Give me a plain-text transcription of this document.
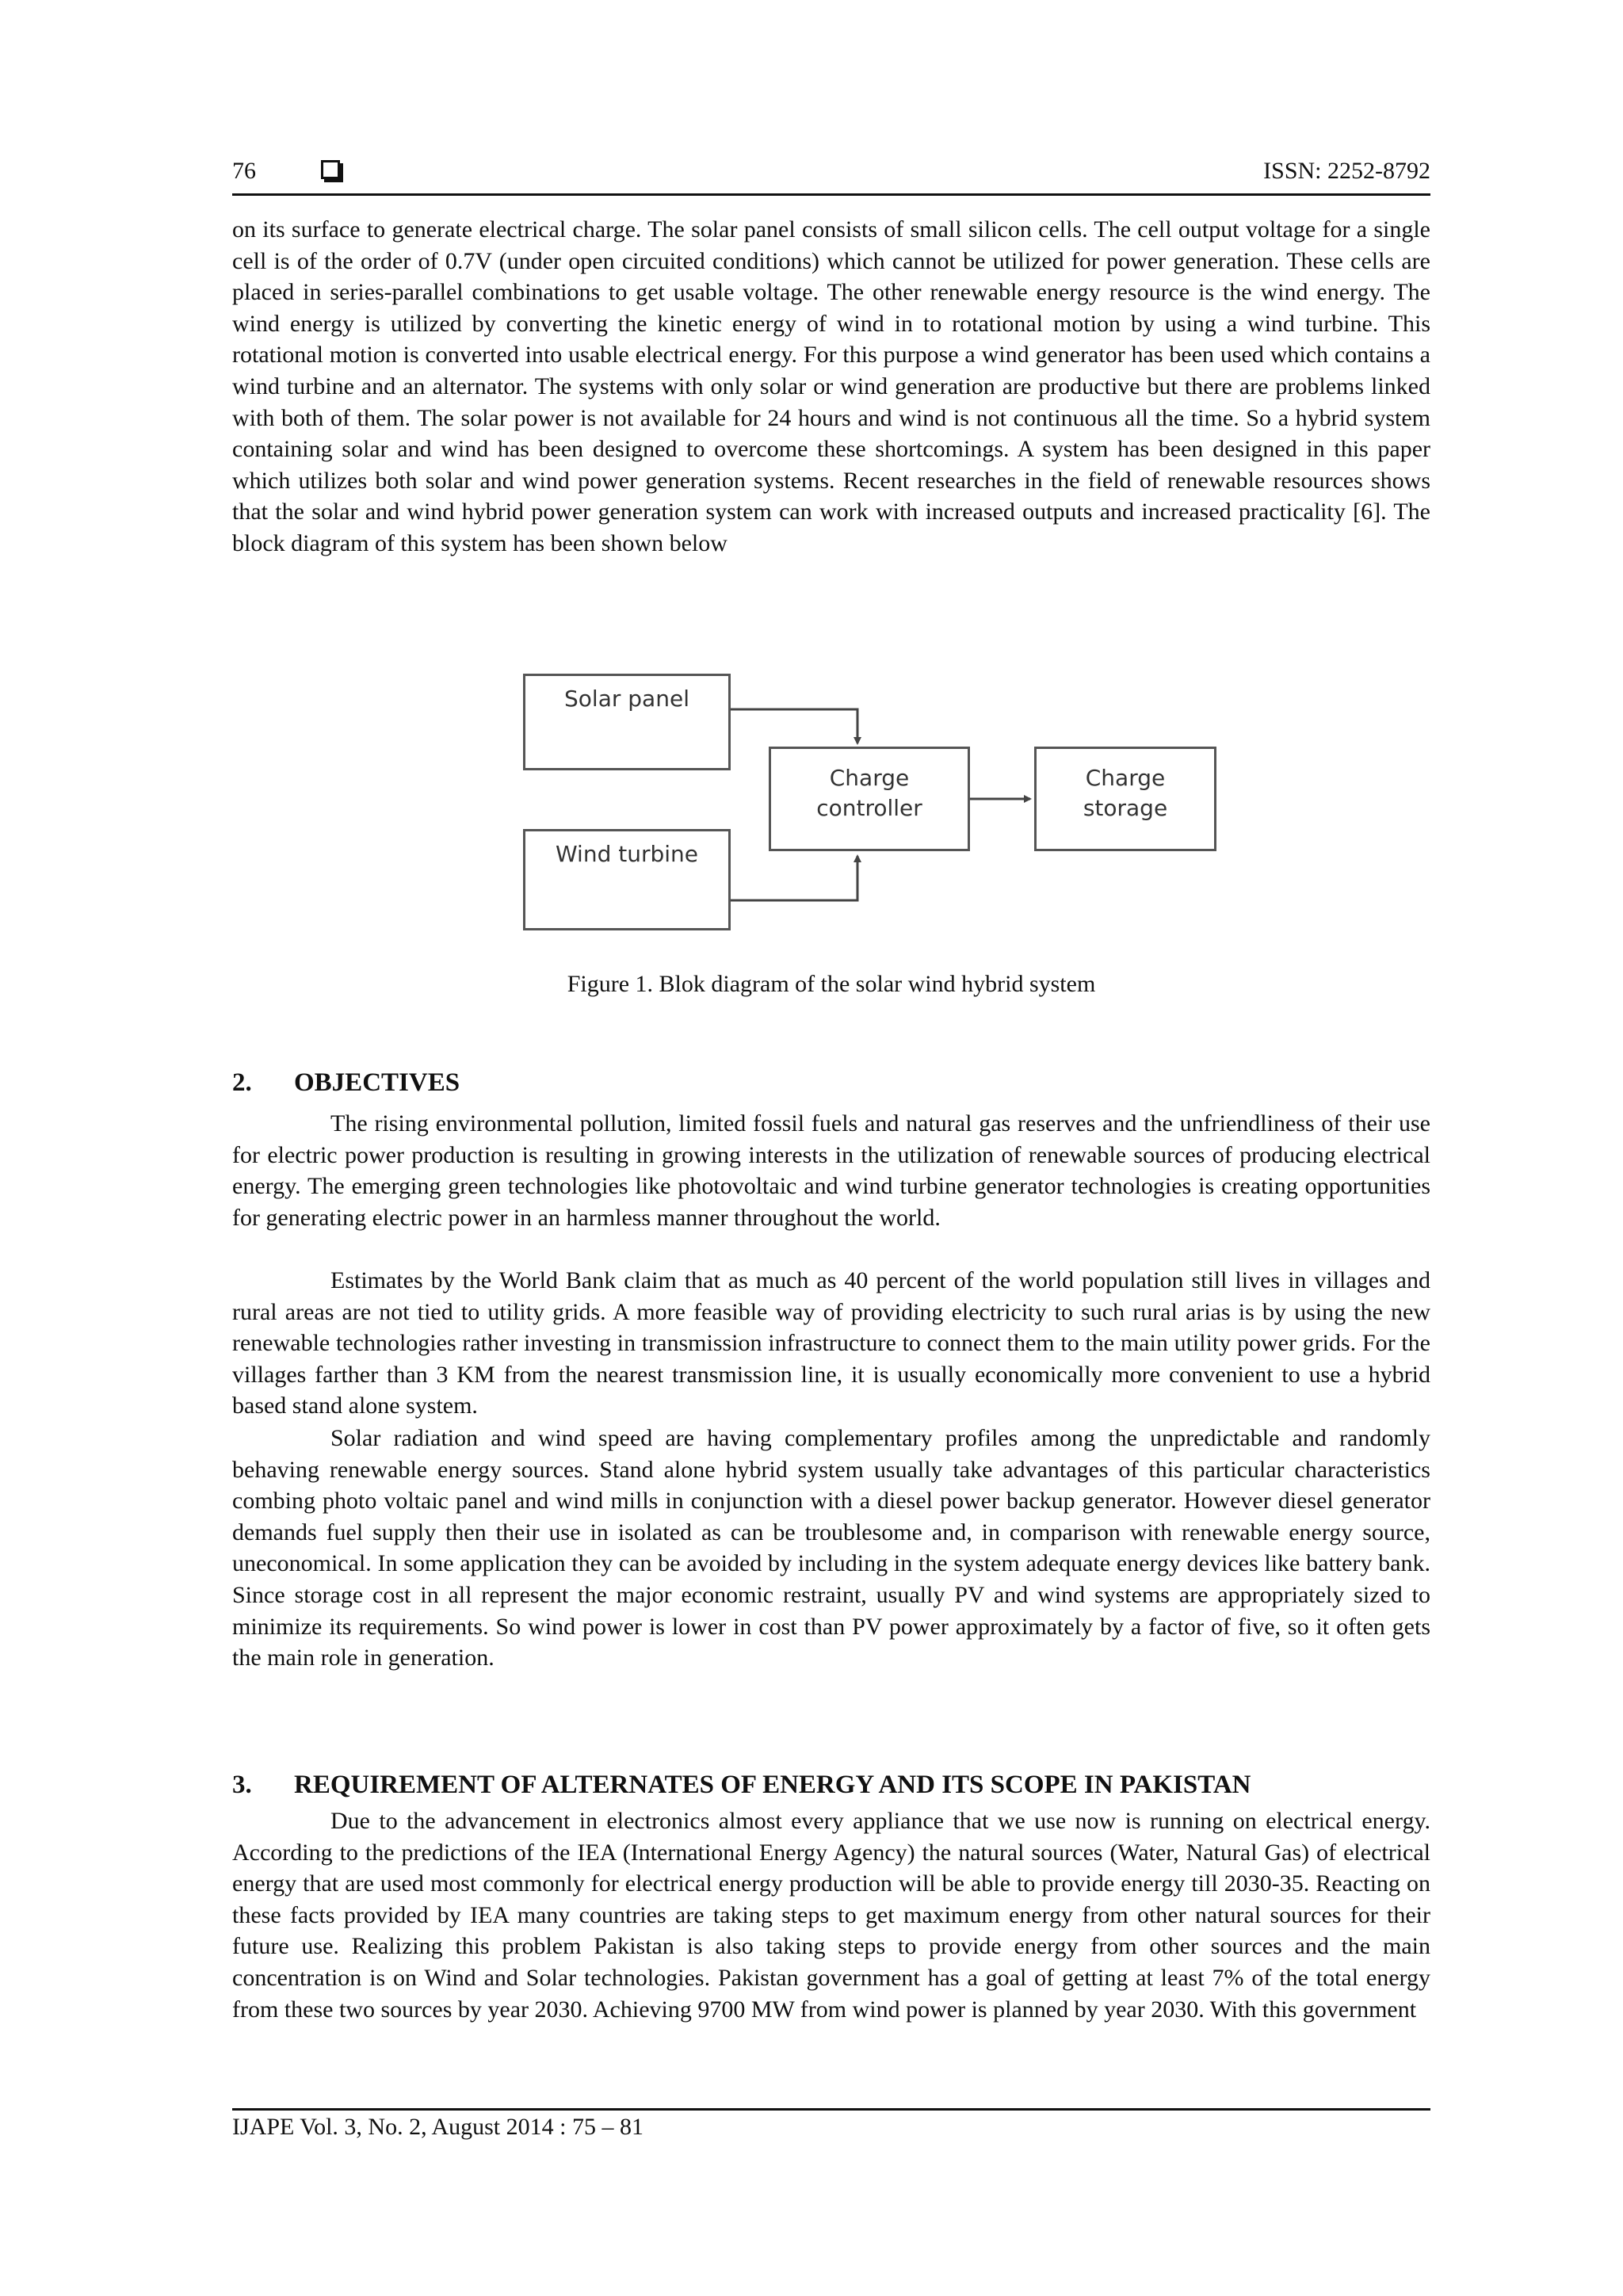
76	ISSN: 2252-8792

on its surface to generate electrical charge. The solar panel consists of small silicon cells. The cell output voltage for a single cell is of the order of 0.7V (under open circuited conditions) which cannot be utilized for power generation. These cells are placed in series-parallel combinations to get usable voltage. The other renewable energy resource is the wind energy. The wind energy is utilized by converting the kinetic energy of wind in to rotational motion by using a wind turbine. This rotational motion is converted into usable electrical energy. For this purpose a wind generator has been used which contains a wind turbine and an alternator. The systems with only solar or wind generation are productive but there are problems linked with both of them. The solar power is not available for 24 hours and wind is not continuous all the time. So a hybrid system containing solar and wind has been designed to overcome these shortcomings. A system has been designed in this paper which utilizes both solar and wind power generation systems. Recent researches in the field of renewable resources shows that the solar and wind hybrid power generation system can work with increased outputs and increased practicality [6]. The block diagram of this system has been shown below

Solar panel
Wind turbine
Charge
controller
Charge
storage

Figure 1. Blok diagram of the solar wind hybrid system

2. OBJECTIVES

The rising environmental pollution, limited fossil fuels and natural gas reserves and the unfriendliness of their use for electric power production is resulting in growing interests in the utilization of renewable sources of producing electrical energy. The emerging green technologies like photovoltaic and wind turbine generator technologies is creating opportunities for generating electric power in an harmless manner throughout the world.

Estimates by the World Bank claim that as much as 40 percent of the world population still lives in villages and rural areas are not tied to utility grids. A more feasible way of providing electricity to such rural arias is by using the new renewable technologies rather investing in transmission infrastructure to connect them to the main utility power grids. For the villages farther than 3 KM from the nearest transmission line, it is usually economically more convenient to use a hybrid based stand alone system.

Solar radiation and wind speed are having complementary profiles among the unpredictable and randomly behaving renewable energy sources. Stand alone hybrid system usually take advantages of this particular characteristics combing photo voltaic panel and wind mills in conjunction with a diesel power backup generator. However diesel generator demands fuel supply then their use in isolated as can be troublesome and, in comparison with renewable energy source, uneconomical. In some application they can be avoided by including in the system adequate energy devices like battery bank. Since storage cost in all represent the major economic restraint, usually PV and wind systems are appropriately sized to minimize its requirements. So wind power is lower in cost than PV power approximately by a factor of five, so it often gets the main role in generation.

3. REQUIREMENT OF ALTERNATES OF ENERGY AND ITS SCOPE IN PAKISTAN

Due to the advancement in electronics almost every appliance that we use now is running on electrical energy. According to the predictions of the IEA (International Energy Agency) the natural sources (Water, Natural Gas) of electrical energy that are used most commonly for electrical energy production will be able to provide energy till 2030-35. Reacting on these facts provided by IEA many countries are taking steps to get maximum energy from other natural sources for their future use. Realizing this problem Pakistan is also taking steps to provide energy from other sources and the main concentration is on Wind and Solar technologies. Pakistan government has a goal of getting at least 7% of the total energy from these two sources by year 2030. Achieving 9700 MW from wind power is planned by year 2030. With this government

IJAPE Vol. 3, No. 2, August 2014 : 75 – 81
